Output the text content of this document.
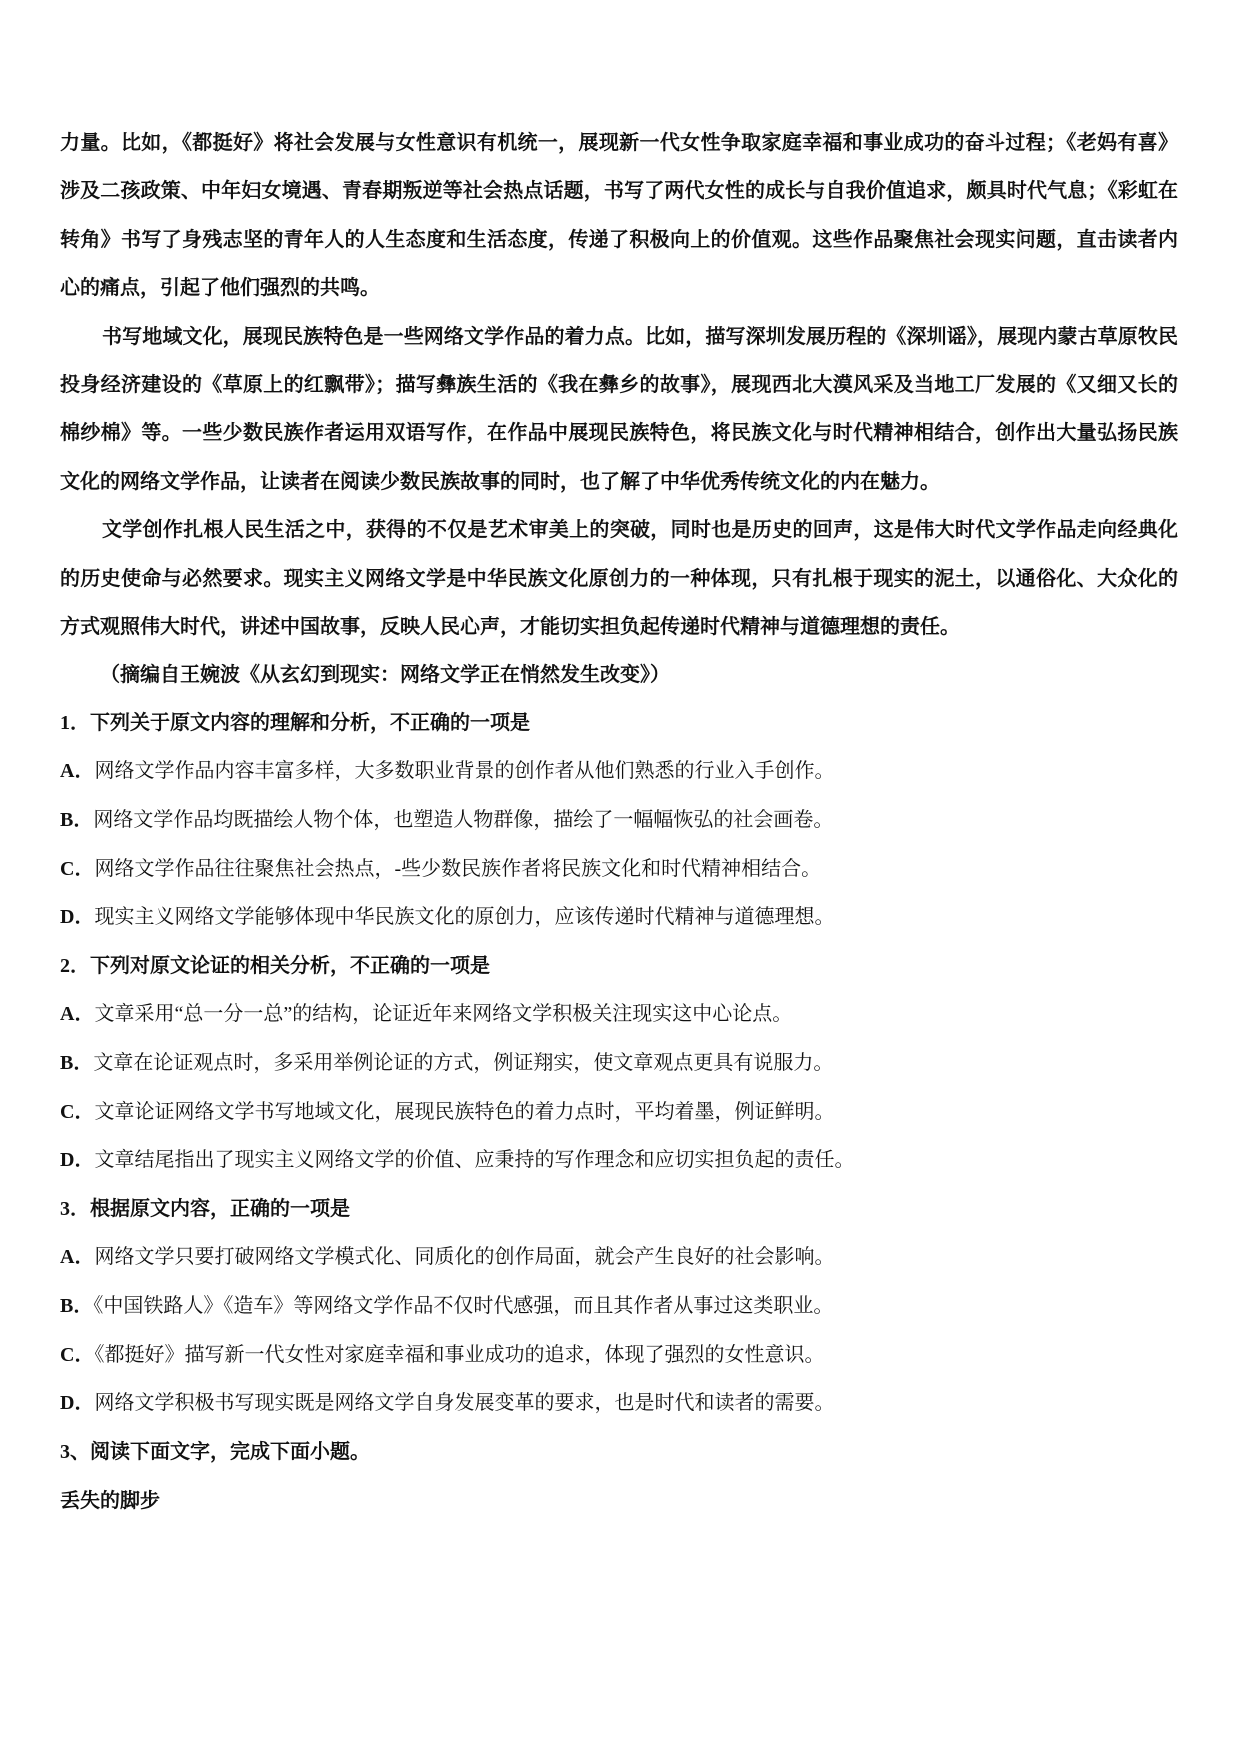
力量。比如，《都挺好》将社会发展与女性意识有机统一，展现新一代女性争取家庭幸福和事业成功的奋斗过程；《老妈有喜》涉及二孩政策、中年妇女境遇、青春期叛逆等社会热点话题，书写了两代女性的成长与自我价值追求，颇具时代气息；《彩虹在转角》书写了身残志坚的青年人的人生态度和生活态度，传递了积极向上的价值观。这些作品聚焦社会现实问题，直击读者内心的痛点，引起了他们强烈的共鸣。

书写地域文化，展现民族特色是一些网络文学作品的着力点。比如，描写深圳发展历程的《深圳谣》，展现内蒙古草原牧民投身经济建设的《草原上的红飘带》；描写彝族生活的《我在彝乡的故事》，展现西北大漠风采及当地工厂发展的《又细又长的棉纱棉》等。一些少数民族作者运用双语写作，在作品中展现民族特色，将民族文化与时代精神相结合，创作出大量弘扬民族文化的网络文学作品，让读者在阅读少数民族故事的同时，也了解了中华优秀传统文化的内在魅力。

文学创作扎根人民生活之中，获得的不仅是艺术审美上的突破，同时也是历史的回声，这是伟大时代文学作品走向经典化的历史使命与必然要求。现实主义网络文学是中华民族文化原创力的一种体现，只有扎根于现实的泥土，以通俗化、大众化的方式观照伟大时代，讲述中国故事，反映人民心声，才能切实担负起传递时代精神与道德理想的责任。

（摘编自王婉波《从玄幻到现实：网络文学正在悄然发生改变》）

1．下列关于原文内容的理解和分析，不正确的一项是

A．网络文学作品内容丰富多样，大多数职业背景的创作者从他们熟悉的行业入手创作。

B．网络文学作品均既描绘人物个体，也塑造人物群像，描绘了一幅幅恢弘的社会画卷。

C．网络文学作品往往聚焦社会热点，-些少数民族作者将民族文化和时代精神相结合。

D．现实主义网络文学能够体现中华民族文化的原创力，应该传递时代精神与道德理想。

2．下列对原文论证的相关分析，不正确的一项是

A．文章采用“总一分一总”的结构，论证近年来网络文学积极关注现实这中心论点。

B．文章在论证观点时，多采用举例论证的方式，例证翔实，使文章观点更具有说服力。

C．文章论证网络文学书写地域文化，展现民族特色的着力点时，平均着墨，例证鲜明。

D．文章结尾指出了现实主义网络文学的价值、应秉持的写作理念和应切实担负起的责任。

3．根据原文内容，正确的一项是

A．网络文学只要打破网络文学模式化、同质化的创作局面，就会产生良好的社会影响。

B．《中国铁路人》《造车》等网络文学作品不仅时代感强，而且其作者从事过这类职业。

C．《都挺好》描写新一代女性对家庭幸福和事业成功的追求，体现了强烈的女性意识。

D．网络文学积极书写现实既是网络文学自身发展变革的要求，也是时代和读者的需要。

3、阅读下面文字，完成下面小题。

丢失的脚步
